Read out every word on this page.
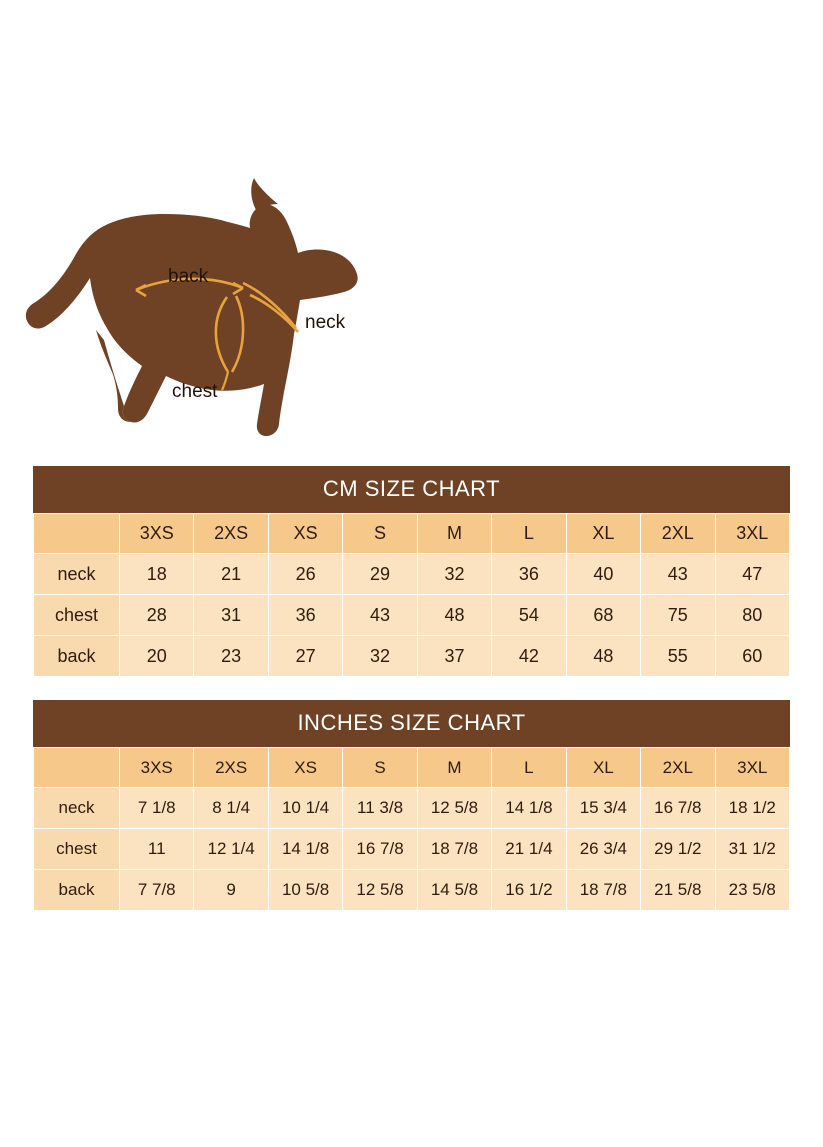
back
neck
chest
CM SIZE CHART
	3XS	2XS	XS	S	M	L	XL	2XL	3XL
neck	18	21	26	29	32	36	40	43	47
chest	28	31	36	43	48	54	68	75	80
back	20	23	27	32	37	42	48	55	60
INCHES SIZE CHART
	3XS	2XS	XS	S	M	L	XL	2XL	3XL
neck	7 1/8	8 1/4	10 1/4	11 3/8	12 5/8	14 1/8	15 3/4	16 7/8	18 1/2
chest	11	12 1/4	14 1/8	16 7/8	18 7/8	21 1/4	26 3/4	29 1/2	31 1/2
back	7 7/8	9	10 5/8	12 5/8	14 5/8	16 1/2	18 7/8	21 5/8	23 5/8
